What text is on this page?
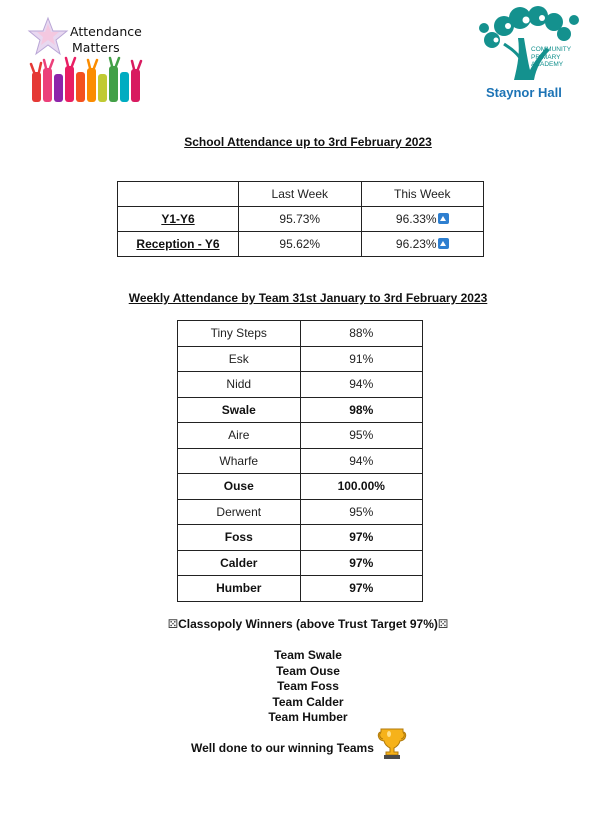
Attendance
Matters	COMMUNITY
PRIMARY
ACADEMY
Staynor Hall
School Attendance up to 3rd February 2023
	Last Week	This Week
Y1-Y6	95.73%	96.33%
Reception - Y6	95.62%	96.23%
Weekly Attendance by Team 31st January to 3rd February 2023
Tiny Steps	88%
Esk	91%
Nidd	94%
Swale	98%
Aire	95%
Wharfe	94%
Ouse	100.00%
Derwent	95%
Foss	97%
Calder	97%
Humber	97%
⚄Classopoly Winners (above Trust Target 97%)⚄
Team Swale
Team Ouse
Team Foss
Team Calder
Team Humber
Well done to our winning Teams
